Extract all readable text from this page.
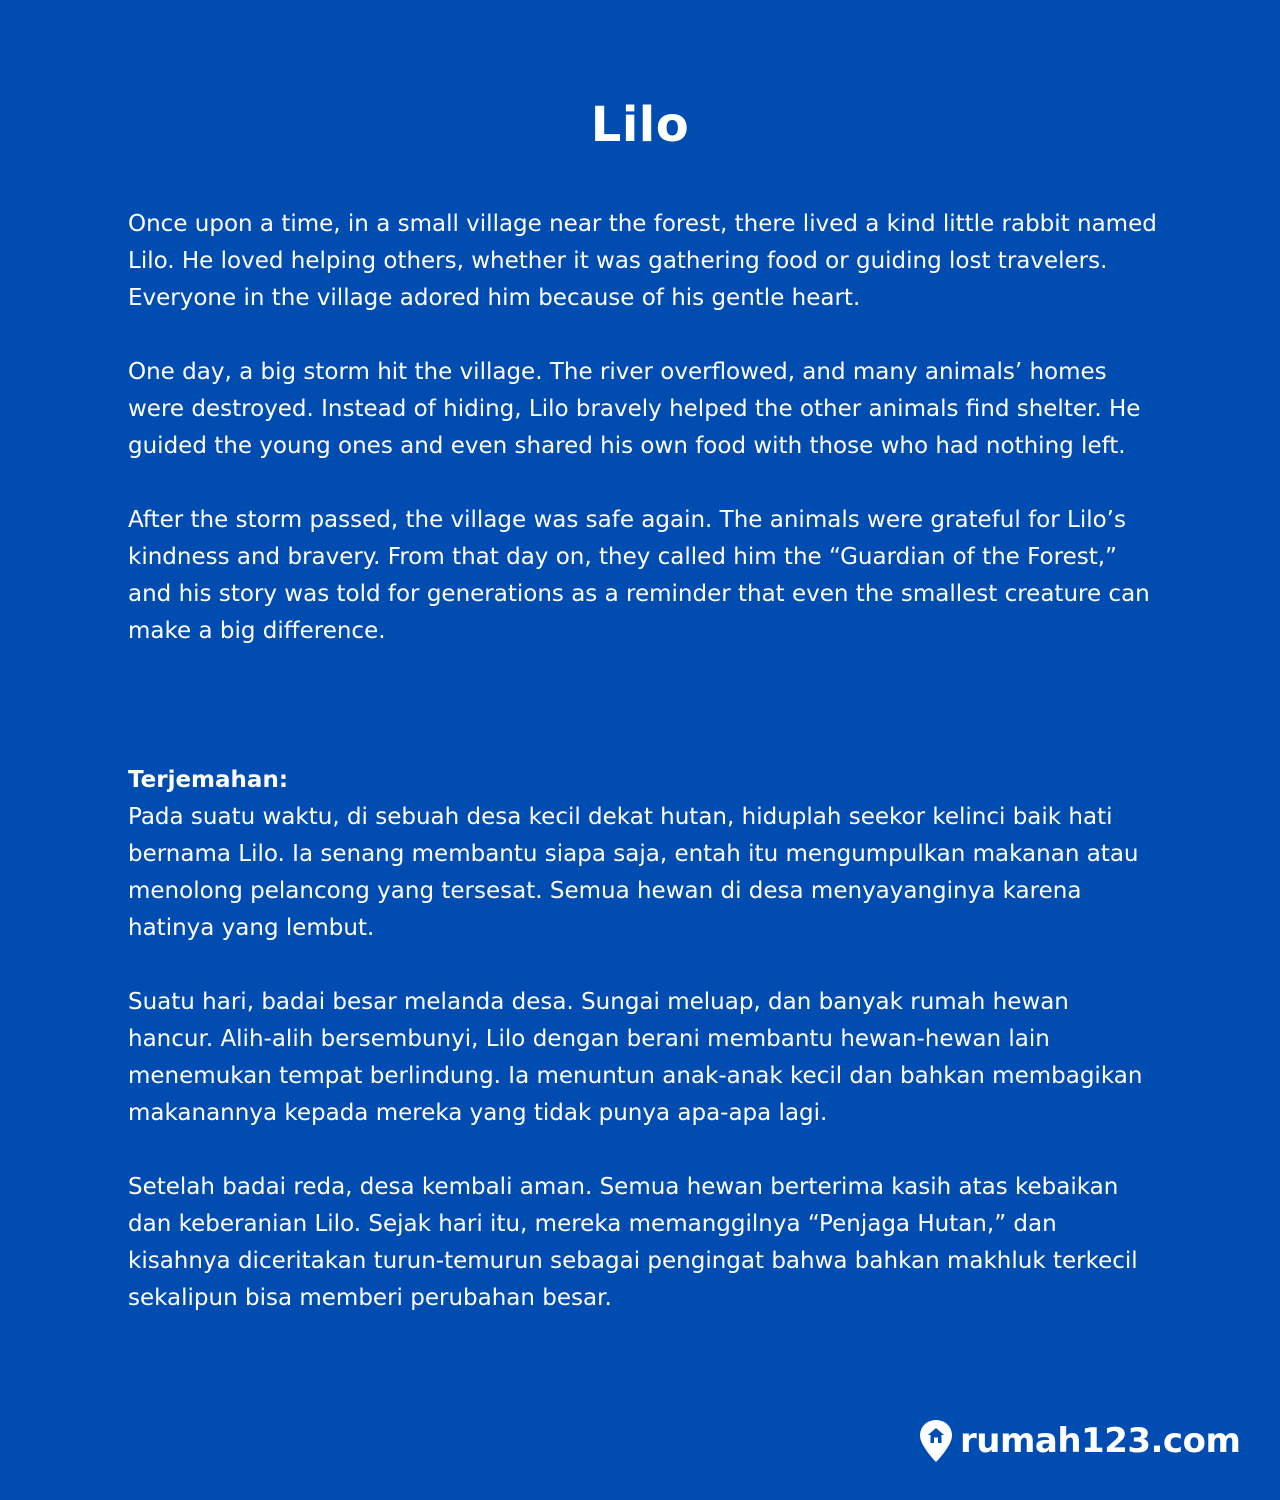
Lilo

Once upon a time, in a small village near the forest, there lived a kind little rabbit named Lilo. He loved helping others, whether it was gathering food or guiding lost travelers. Everyone in the village adored him because of his gentle heart.

One day, a big storm hit the village. The river overflowed, and many animals’ homes were destroyed. Instead of hiding, Lilo bravely helped the other animals find shelter. He guided the young ones and even shared his own food with those who had nothing left.

After the storm passed, the village was safe again. The animals were grateful for Lilo’s kindness and bravery. From that day on, they called him the “Guardian of the Forest,” and his story was told for generations as a reminder that even the smallest creature can make a big difference.

Terjemahan:

Pada suatu waktu, di sebuah desa kecil dekat hutan, hiduplah seekor kelinci baik hati bernama Lilo. Ia senang membantu siapa saja, entah itu mengumpulkan makanan atau menolong pelancong yang tersesat. Semua hewan di desa menyayanginya karena hatinya yang lembut.

Suatu hari, badai besar melanda desa. Sungai meluap, dan banyak rumah hewan hancur. Alih-alih bersembunyi, Lilo dengan berani membantu hewan-hewan lain menemukan tempat berlindung. Ia menuntun anak-anak kecil dan bahkan membagikan makanannya kepada mereka yang tidak punya apa-apa lagi.

Setelah badai reda, desa kembali aman. Semua hewan berterima kasih atas kebaikan dan keberanian Lilo. Sejak hari itu, mereka memanggilnya “Penjaga Hutan,” dan kisahnya diceritakan turun-temurun sebagai pengingat bahwa bahkan makhluk terkecil sekalipun bisa memberi perubahan besar.

rumah123.com
